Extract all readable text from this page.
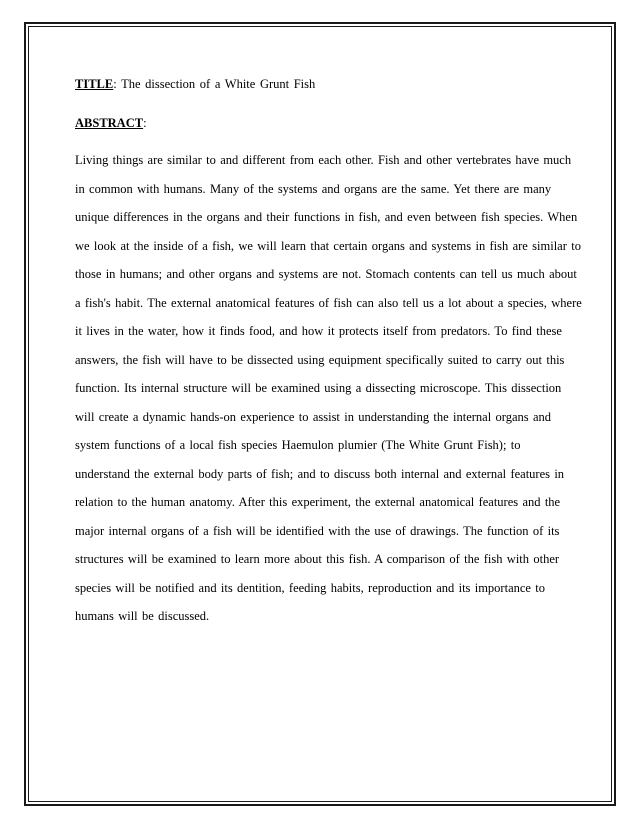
TITLE: The dissection of a White Grunt Fish
ABSTRACT:
Living things are similar to and different from each other. Fish and other vertebrates have much
in common with humans. Many of the systems and organs are the same. Yet there are many
unique differences in the organs and their functions in fish, and even between fish species. When
we look at the inside of a fish, we will learn that certain organs and systems in fish are similar to
those in humans; and other organs and systems are not. Stomach contents can tell us much about
a fish's habit. The external anatomical features of fish can also tell us a lot about a species, where
it lives in the water, how it finds food, and how it protects itself from predators. To find these
answers, the fish will have to be dissected using equipment specifically suited to carry out this
function. Its internal structure will be examined using a dissecting microscope. This dissection
will create a dynamic hands-on experience to assist in understanding the internal organs and
system functions of a local fish species Haemulon plumier (The White Grunt Fish); to
understand the external body parts of fish; and to discuss both internal and external features in
relation to the human anatomy. After this experiment, the external anatomical features and the
major internal organs of a fish will be identified with the use of drawings. The function of its
structures will be examined to learn more about this fish. A comparison of the fish with other
species will be notified and its dentition, feeding habits, reproduction and its importance to
humans will be discussed.
